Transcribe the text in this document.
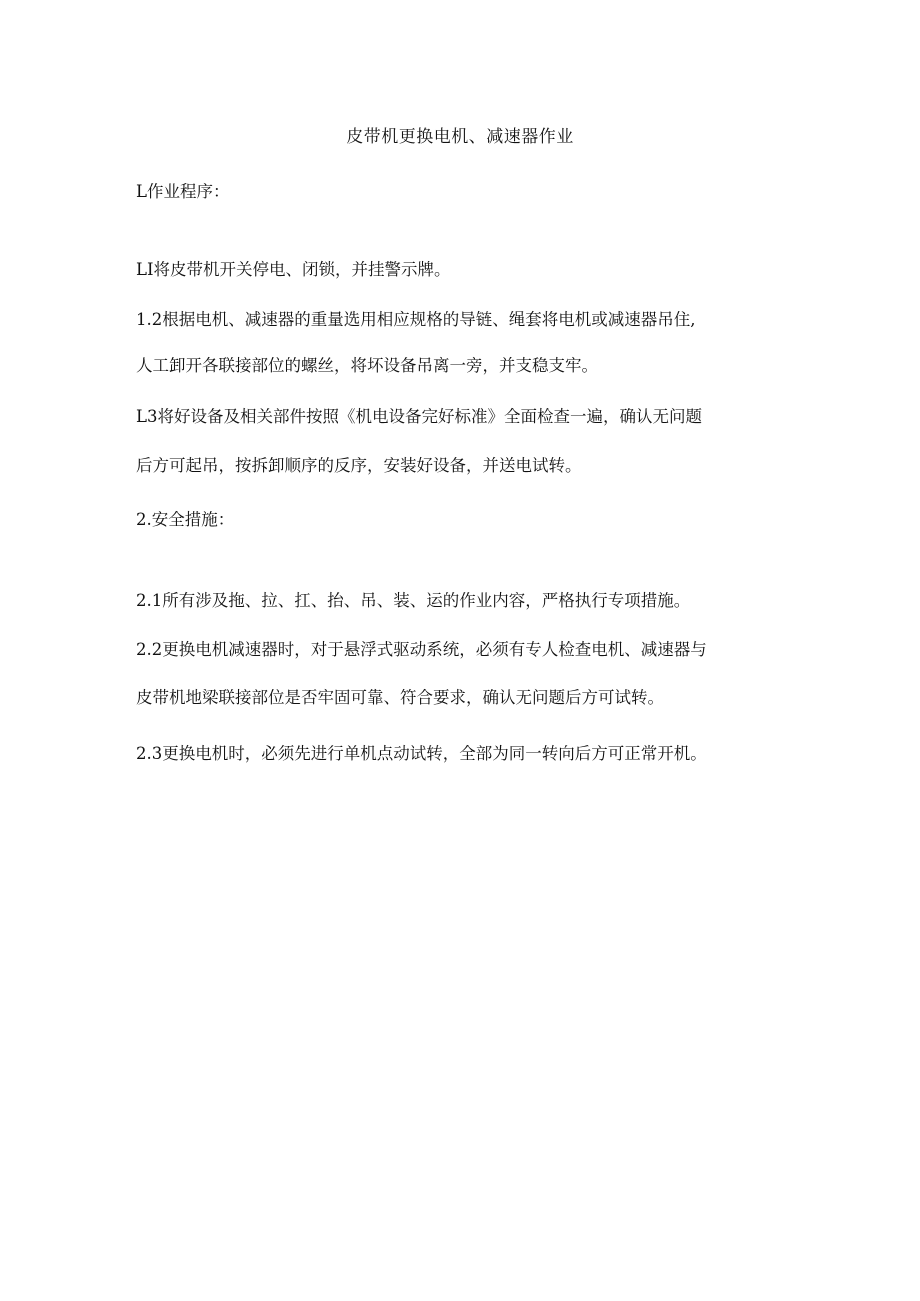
皮带机更换电机、减速器作业
L作业程序：
LI将皮带机开关停电、闭锁，并挂警示牌。
1.2根据电机、减速器的重量选用相应规格的导链、绳套将电机或减速器吊住,
人工卸开各联接部位的螺丝，将坏设备吊离一旁，并支稳支牢。
L3将好设备及相关部件按照《机电设备完好标准》全面检查一遍，确认无问题
后方可起吊，按拆卸顺序的反序，安装好设备，并送电试转。
2.安全措施：
2.1所有涉及拖、拉、扛、抬、吊、装、运的作业内容，严格执行专项措施。
2.2更换电机减速器时，对于悬浮式驱动系统，必须有专人检查电机、减速器与
皮带机地梁联接部位是否牢固可靠、符合要求，确认无问题后方可试转。
2.3更换电机时，必须先进行单机点动试转，全部为同一转向后方可正常开机。
